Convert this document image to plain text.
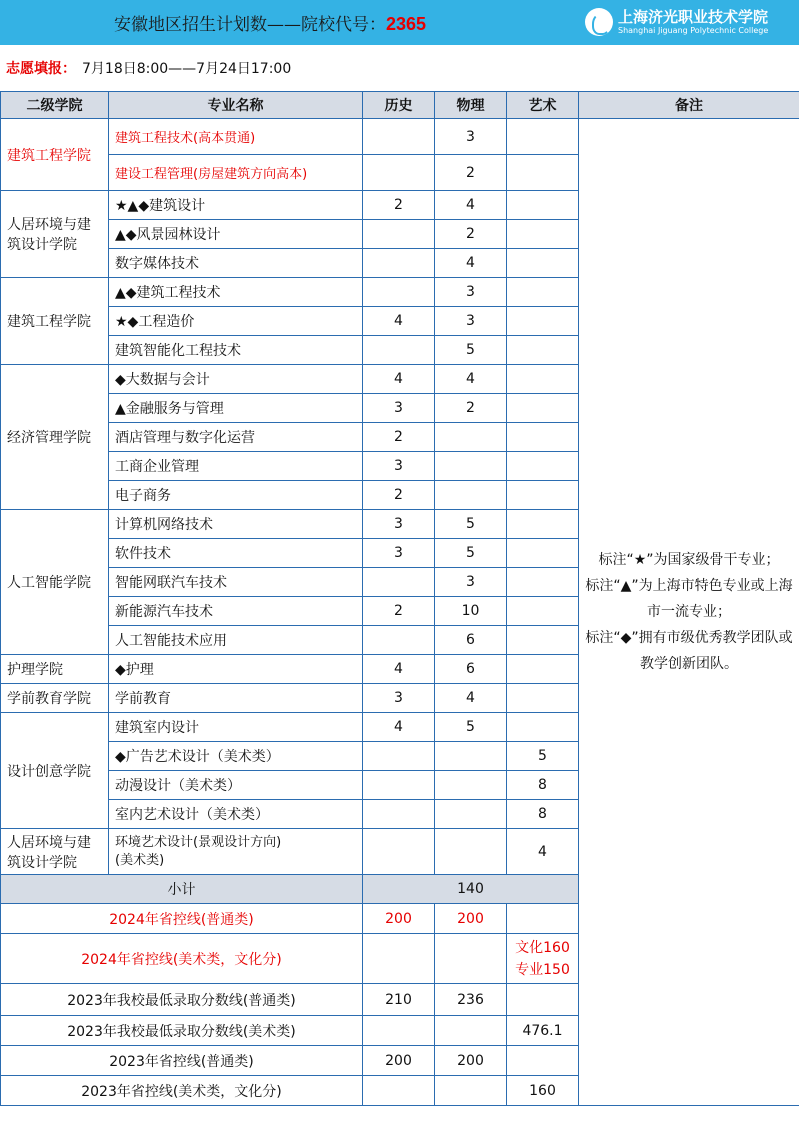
安徽地区招生计划数——院校代号：2365	上海济光职业技术学院
Shanghai Jiguang Polytechnic College
志愿填报： 7月18日8:00——7月24日17:00
二级学院	专业名称	历史	物理	艺术	备注
建筑工程学院	建筑工程技术(高本贯通)		3		标注“★”为国家级骨干专业；
标注“▲”为上海市特色专业或上海市一流专业；
标注“◆”拥有市级优秀教学团队或教学创新团队。

	建设工程管理(房屋建筑方向高本)		2		
人居环境与建筑设计学院	★▲◆建筑设计	2	4		
	▲◆风景园林设计		2		
	数字媒体技术		4		
建筑工程学院	▲◆建筑工程技术		3		
	★◆工程造价	4	3		
	建筑智能化工程技术		5		
经济管理学院	◆大数据与会计	4	4		
	▲金融服务与管理	3	2		
	酒店管理与数字化运营	2			
	工商企业管理	3			
	电子商务	2			
人工智能学院	计算机网络技术	3	5		
	软件技术	3	5		
	智能网联汽车技术		3		
	新能源汽车技术	2	10		
	人工智能技术应用		6		
护理学院	◆护理	4	6		
学前教育学院	学前教育	3	4		
设计创意学院	建筑室内设计	4	5		
	◆广告艺术设计（美术类）			5	
	动漫设计（美术类）			8	
	室内艺术设计（美术类）			8	
人居环境与建筑设计学院	环境艺术设计(景观设计方向)
(美术类)			4	
小计		140			
2024年省控线(普通类)		200	200		
2024年省控线(美术类，文化分)				文化160
专业150	
2023年我校最低录取分数线(普通类)		210	236		
2023年我校最低录取分数线(美术类)				476.1	
2023年省控线(普通类)		200	200		
2023年省控线(美术类，文化分)				160	
